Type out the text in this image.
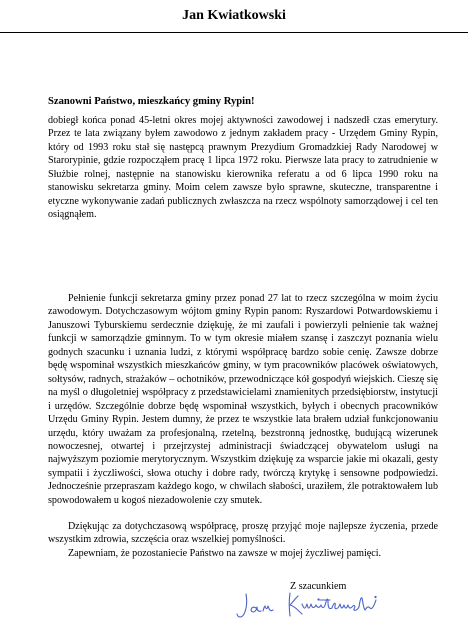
Jan Kwiatkowski
Szanowni Państwo, mieszkańcy gminy Rypin!
dobiegł końca ponad 45-letni okres mojej aktywności zawodowej i nadszedł czas emerytury. Przez te lata związany byłem zawodowo z jednym zakładem pracy - Urzędem Gminy Rypin, który od 1993 roku stał się następcą prawnym Prezydium Gromadzkiej Rady Narodowej w Starorypinie, gdzie rozpocząłem pracę 1 lipca 1972 roku. Pierwsze lata pracy to zatrudnienie w Służbie rolnej, następnie na stanowisku kierownika referatu a od 6 lipca 1990 roku na stanowisku sekretarza gminy. Moim celem zawsze było sprawne, skuteczne, transparentne i etyczne wykonywanie zadań publicznych zwłaszcza na rzecz wspólnoty samorządowej i cel ten osiągnąłem.
Pełnienie funkcji sekretarza gminy przez ponad 27 lat to rzecz szczególna w moim życiu zawodowym. Dotychczasowym wójtom gminy Rypin panom: Ryszardowi Potwardowskiemu i Januszowi Tyburskiemu serdecznie dziękuję, że mi zaufali i powierzyli pełnienie tak ważnej funkcji w samorządzie gminnym. To w tym okresie miałem szansę i zaszczyt poznania wielu godnych szacunku i uznania ludzi, z którymi współpracę bardzo sobie cenię. Zawsze dobrze będę wspominał wszystkich mieszkańców gminy, w tym pracowników placówek oświatowych, sołtysów, radnych, strażaków – ochotników, przewodniczące kół gospodyń wiejskich. Cieszę się na myśl o długoletniej współpracy z przedstawicielami znamienitych przedsiębiorstw, instytucji i urzędów. Szczególnie dobrze będę wspominał wszystkich, byłych i obecnych pracowników Urzędu Gminy Rypin. Jestem dumny, że przez te wszystkie lata brałem udział funkcjonowaniu urzędu, który uważam za profesjonalną, rzetelną, bezstronną jednostkę, budującą wizerunek nowoczesnej, otwartej i przejrzystej administracji świadczącej obywatelom usługi na najwyższym poziomie merytorycznym. Wszystkim dziękuję za wsparcie jakie mi okazali, gesty sympatii i życzliwości, słowa otuchy i dobre rady, twórczą krytykę i sensowne podpowiedzi. Jednocześnie przepraszam każdego kogo, w chwilach słabości, uraziłem, źle potraktowałem lub spowodowałem u kogoś niezadowolenie czy smutek.
Dziękując za dotychczasową współpracę, proszę przyjąć moje najlepsze życzenia, przede wszystkim zdrowia, szczęścia oraz wszelkiej pomyślności.
Zapewniam, że pozostaniecie Państwo na zawsze w mojej życzliwej pamięci.
Z szacunkiem
